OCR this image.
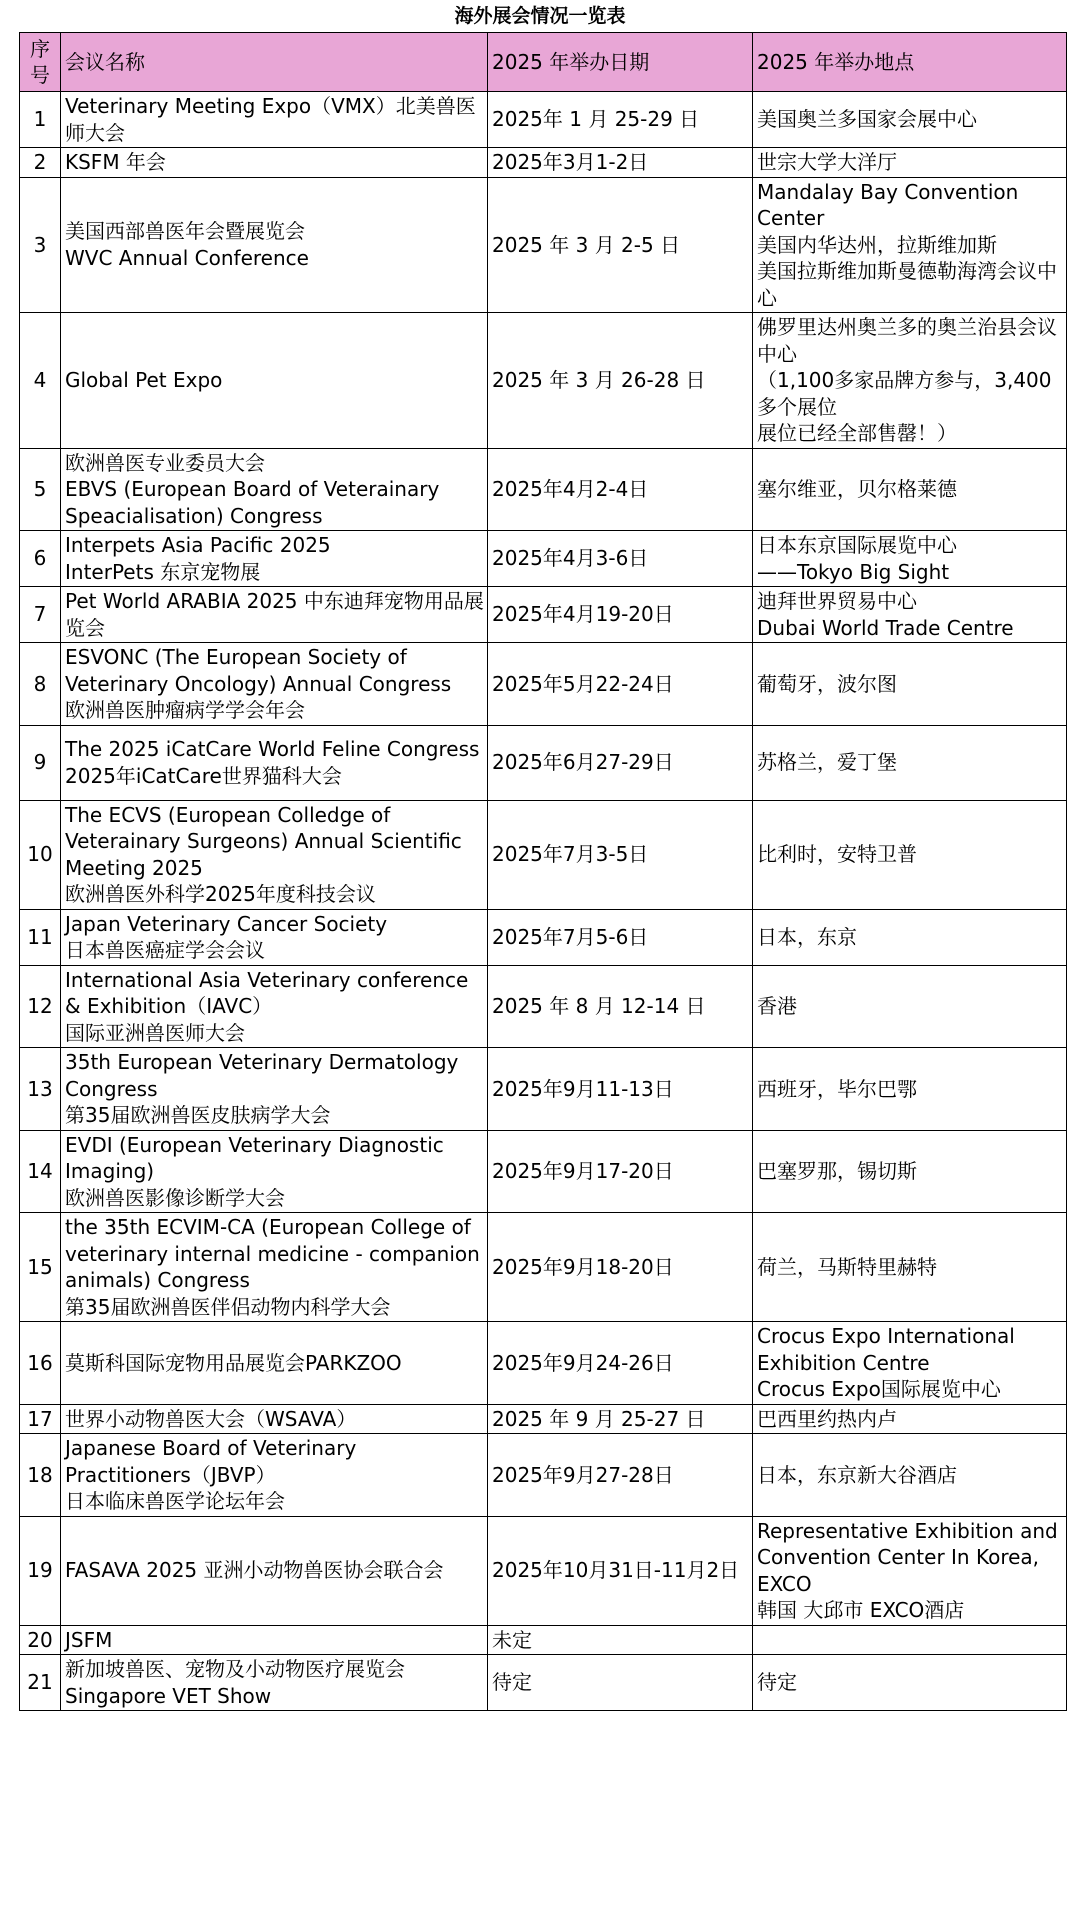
海外展会情况一览表
序
号	会议名称	2025 年举办日期	2025 年举办地点
1	Veterinary Meeting Expo（VMX）北美兽医师大会	2025年 1 月 25-29 日	美国奥兰多国家会展中心

2	KSFM 年会	2025年3月1-2日	世宗大学大洋厅

3	美国西部兽医年会暨展览会
WVC Annual Conference	2025 年 3 月 2-5 日	Mandalay Bay Convention Center
美国内华达州，拉斯维加斯
美国拉斯维加斯曼德勒海湾会议中心

4	Global Pet Expo	2025 年 3 月 26-28 日	佛罗里达州奥兰多的奥兰治县会议中心
（1,100多家品牌方参与，3,400多个展位
展位已经全部售罄！）

5	欧洲兽医专业委员大会
EBVS (European Board of Veterainary Speacialisation) Congress	2025年4月2-4日	塞尔维亚，贝尔格莱德

6	Interpets Asia Pacific 2025
InterPets 东京宠物展	2025年4月3-6日	日本东京国际展览中心
——Tokyo Big Sight

7	Pet World ARABIA 2025 中东迪拜宠物用品展览会	2025年4月19-20日	迪拜世界贸易中心
Dubai World Trade Centre

8	ESVONC (The European Society of Veterinary Oncology) Annual Congress
欧洲兽医肿瘤病学学会年会	2025年5月22-24日	葡萄牙，波尔图

9	The 2025 iCatCare World Feline Congress
2025年iCatCare世界猫科大会	2025年6月27-29日	苏格兰，爱丁堡

10	The ECVS (European Colledge of Veterainary Surgeons) Annual Scientific Meeting 2025
欧洲兽医外科学2025年度科技会议	2025年7月3-5日	比利时，安特卫普

11	Japan Veterinary Cancer Society
日本兽医癌症学会会议	2025年7月5-6日	日本，东京

12	International Asia Veterinary conference & Exhibition（IAVC）
国际亚洲兽医师大会	2025 年 8 月 12-14 日	香港

13	35th European Veterinary Dermatology Congress
第35届欧洲兽医皮肤病学大会	2025年9月11-13日	西班牙，毕尔巴鄂

14	EVDI (European Veterinary Diagnostic Imaging)
欧洲兽医影像诊断学大会	2025年9月17-20日	巴塞罗那，锡切斯

15	the 35th ECVIM-CA (European College of veterinary internal medicine - companion animals) Congress
第35届欧洲兽医伴侣动物内科学大会	2025年9月18-20日	荷兰，马斯特里赫特

16	莫斯科国际宠物用品展览会PARKZOO	2025年9月24-26日	Crocus Expo International Exhibition Centre
Crocus Expo国际展览中心

17	世界小动物兽医大会（WSAVA）	2025 年 9 月 25-27 日	巴西里约热内卢

18	Japanese Board of Veterinary Practitioners（JBVP）
日本临床兽医学论坛年会	2025年9月27-28日	日本，东京新大谷酒店

19	FASAVA 2025 亚洲小动物兽医协会联合会	2025年10月31日-11月2日	Representative Exhibition and Convention Center In Korea, EXCO
韩国 大邱市 EXCO酒店

20	JSFM	未定	

21	新加坡兽医、宠物及小动物医疗展览会
Singapore VET Show	待定	待定
